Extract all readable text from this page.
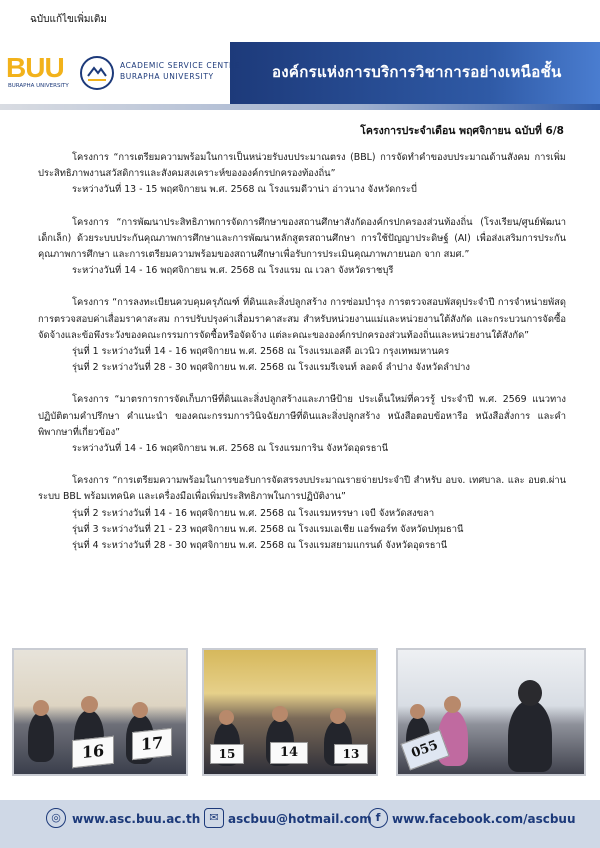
ฉบับแก้ไขเพิ่มเติม
BUU
BURAPHA UNIVERSITY
ACADEMIC SERVICE CENTRE
BURAPHA UNIVERSITY	องค์กรแห่งการบริการวิชาการอย่างเหนือชั้น
โครงการประจำเดือน พฤศจิกายน ฉบับที่ 6/8

โครงการ “การเตรียมความพร้อมในการเป็นหน่วยรับงบประมาณตรง (BBL) การจัดทำคำของบประมาณด้านสังคม การเพิ่มประสิทธิภาพงานสวัสดิการและสังคมสงเคราะห์ขององค์กรปกครองท้องถิ่น”

ระหว่างวันที่ 13 - 15 พฤศจิกายน พ.ศ. 2568 ณ โรงแรมดีวาน่า อ่าวนาง จังหวัดกระบี่

โครงการ “การพัฒนาประสิทธิภาพการจัดการศึกษาของสถานศึกษาสังกัดองค์กรปกครองส่วนท้องถิ่น (โรงเรียน/ศูนย์พัฒนาเด็กเล็ก) ด้วยระบบประกันคุณภาพการศึกษาและการพัฒนาหลักสูตรสถานศึกษา การใช้ปัญญาประดิษฐ์ (AI) เพื่อส่งเสริมการประกันคุณภาพการศึกษา และการเตรียมความพร้อมของสถานศึกษาเพื่อรับการประเมินคุณภาพภายนอก จาก สมศ.”

ระหว่างวันที่ 14 - 16 พฤศจิกายน พ.ศ. 2568 ณ โรงแรม ณ เวลา จังหวัดราชบุรี

โครงการ “การลงทะเบียนควบคุมครุภัณฑ์ ที่ดินและสิ่งปลูกสร้าง การซ่อมบำรุง การตรวจสอบพัสดุประจำปี การจำหน่ายพัสดุ การตรวจสอบค่าเสื่อมราคาสะสม การปรับปรุงค่าเสื่อมราคาสะสม สำหรับหน่วยงานแม่และหน่วยงานใต้สังกัด และกระบวนการจัดซื้อจัดจ้างและข้อพึงระวังของคณะกรรมการจัดซื้อหรือจัดจ้าง แต่ละคณะขององค์กรปกครองส่วนท้องถิ่นและหน่วยงานใต้สังกัด”

รุ่นที่ 1 ระหว่างวันที่ 14 - 16 พฤศจิกายน พ.ศ. 2568 ณ โรงแรมเอสดี อเวนิว กรุงเทพมหานคร
รุ่นที่ 2 ระหว่างวันที่ 28 - 30 พฤศจิกายน พ.ศ. 2568 ณ โรงแรมรีเจนท์ ลอดจ์ ลำปาง จังหวัดลำปาง

โครงการ “มาตรการการจัดเก็บภาษีที่ดินและสิ่งปลูกสร้างและภาษีป้าย ประเด็นใหม่ที่ควรรู้ ประจำปี พ.ศ. 2569 แนวทางปฏิบัติตามคำปรึกษา คำแนะนำ ของคณะกรรมการวินิจฉัยภาษีที่ดินและสิ่งปลูกสร้าง หนังสือตอบข้อหารือ หนังสือสั่งการ และคำพิพากษาที่เกี่ยวข้อง”

ระหว่างวันที่ 14 - 16 พฤศจิกายน พ.ศ. 2568 ณ โรงแรมการิน จังหวัดอุดรธานี

โครงการ “การเตรียมความพร้อมในการขอรับการจัดสรรงบประมาณรายจ่ายประจำปี สำหรับ อบจ. เทศบาล. และ อบต.ผ่านระบบ BBL พร้อมเทคนิค และเครื่องมือเพื่อเพิ่มประสิทธิภาพในการปฏิบัติงาน”

รุ่นที่ 2 ระหว่างวันที่ 14 - 16 พฤศจิกายน พ.ศ. 2568 ณ โรงแรมหรรษา เจบี จังหวัดสงขลา
รุ่นที่ 3 ระหว่างวันที่ 21 - 23 พฤศจิกายน พ.ศ. 2568 ณ โรงแรมเอเชีย แอร์พอร์ท จังหวัดปทุมธานี
รุ่นที่ 4 ระหว่างวันที่ 28 - 30 พฤศจิกายน พ.ศ. 2568 ณ โรงแรมสยามแกรนด์ จังหวัดอุดรธานี
16	17	15	14	13	055
◎ www.asc.buu.ac.th ✉ ascbuu@hotmail.com f www.facebook.com/ascbuu
